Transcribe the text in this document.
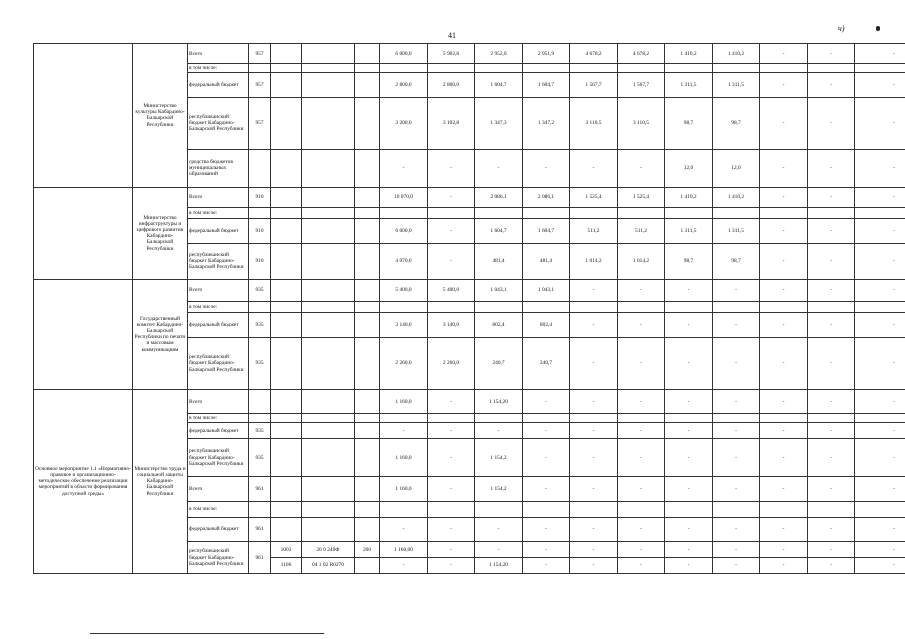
41
ч)
	Министерство культуры Кабардино-Балкарской Республики	Всего	957				6 000,0	5 902,8	2 952,0	2 951,9	4 678,2	4 678,2	1 410,2	1 410,2	-	-	-
		в том числе:															
		федеральный бюджет	957				2 800,0	2 800,0	1 604,7	1 604,7	1 567,7	1 567,7	1 311,5	1 311,5	-	-	-
		республиканский бюджет Кабардино-Балкарской Республики	957				3 200,0	3 102,8	1 347,3	1 347,2	3 110,5	3 110,5	98,7	98,7	-	-	-
		средства бюджетов муниципальных образований					-	-	-	-	-	-	12,0	12,0	-	-	-
	Министерство инфраструктуры и цифрового развития Кабардино-Балкарской Республики	Всего	910				10 070,0	-	2 086,1	2 086,1	1 525,4	1 525,4	1 410,2	1 410,2	-	-	-
		в том числе:															
		федеральный бюджет	910				6 000,0	-	1 604,7	1 604,7	511,2	511,2	1 311,5	1 311,5	-	-	-
		республиканский бюджет Кабардино-Балкарской Республики	910				4 070,0	-	481,4	481,4	1 014,2	1 014,2	98,7	98,7	-	-	-
	Государственный комитет Кабардино-Балкарской Республики по печати и массовым коммуникациям	Всего	935				5 400,0	5 400,0	1 043,1	1 043,1	-	-	-	-	-	-	-
		в том числе:															
		федеральный бюджет	935				3 140,0	3 140,0	802,4	802,4	-	-	-	-	-	-	-
		республиканский бюджет Кабардино-Балкарской Республики	935				2 260,0	2 260,0	240,7	240,7	-	-	-	-	-	-	-
Основное мероприятие 1.1 «Нормативно-правовое и организационно-методическое обеспечение реализации мероприятий в области формирования доступной среды»	Министерство труда и социальной защиты Кабардино-Балкарской Республики	Всего					1 160,0	-	1 154,20	-	-	-	-	-	-	-	-
		в том числе:															
		федеральный бюджет	935				-	-	-	-	-	-	-	-	-	-	-
		республиканский бюджет Кабардино-Балкарской Республики	935				1 160,0	-	1 154,2	-	-	-	-	-	-	-	-
		Всего	961				1 160,0	-	1 154,2	-	-	-	-	-	-	-	-
		в том числе:															
		федеральный бюджет	961				-	-	-	-	-	-	-	-	-	-	-
		республиканский бюджет Кабардино-Балкарской Республики	961	1003	26 0 240Ф	200	1 160,00	-	-	-	-	-	-	-	-	-	-
				1106	04 1 02 R0270		-	-	1 154,20	-	-	-	-	-	-	-	-
